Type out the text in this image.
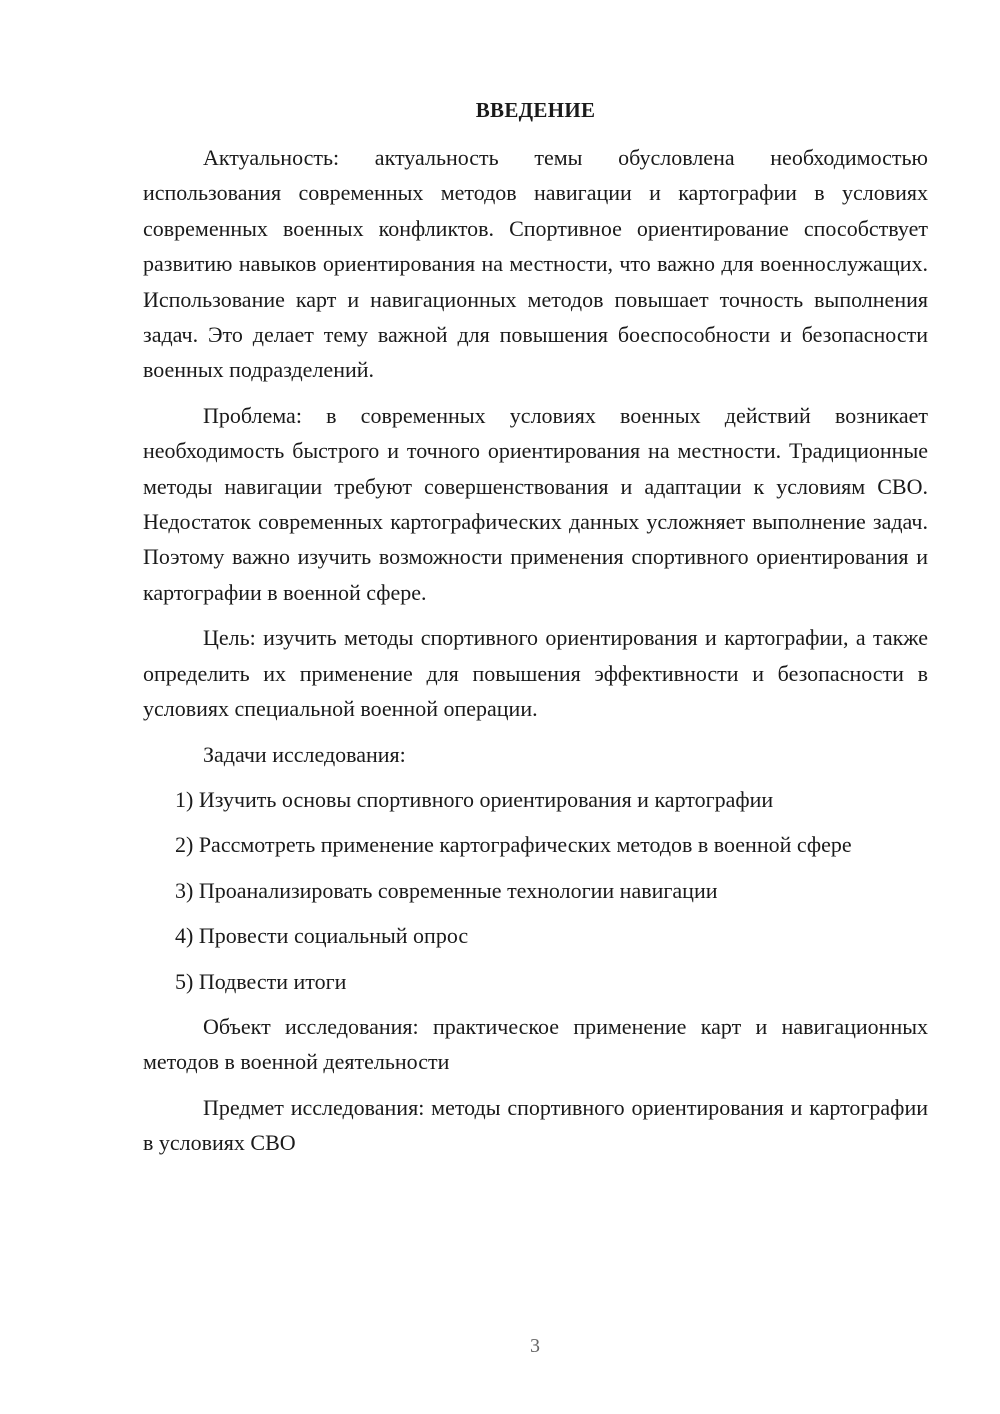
ВВЕДЕНИЕ

Актуальность: актуальность темы обусловлена необходимостью использования современных методов навигации и картографии в условиях современных военных конфликтов. Спортивное ориентирование способствует развитию навыков ориентирования на местности, что важно для военнослужащих. Использование карт и навигационных методов повышает точность выполнения задач. Это делает тему важной для повышения боеспособности и безопасности военных подразделений.

Проблема: в современных условиях военных действий возникает необходимость быстрого и точного ориентирования на местности. Традиционные методы навигации требуют совершенствования и адаптации к условиям СВО. Недостаток современных картографических данных усложняет выполнение задач. Поэтому важно изучить возможности применения спортивного ориентирования и картографии в военной сфере.

Цель: изучить методы спортивного ориентирования и картографии, а также определить их применение для повышения эффективности и безопасности в условиях специальной военной операции.

Задачи исследования:

1) Изучить основы спортивного ориентирования и картографии

2) Рассмотреть применение картографических методов в военной сфере

3) Проанализировать современные технологии навигации

4) Провести социальный опрос

5) Подвести итоги

Объект исследования: практическое применение карт и навигационных методов в военной деятельности

Предмет исследования: методы спортивного ориентирования и картографии в условиях СВО

3
